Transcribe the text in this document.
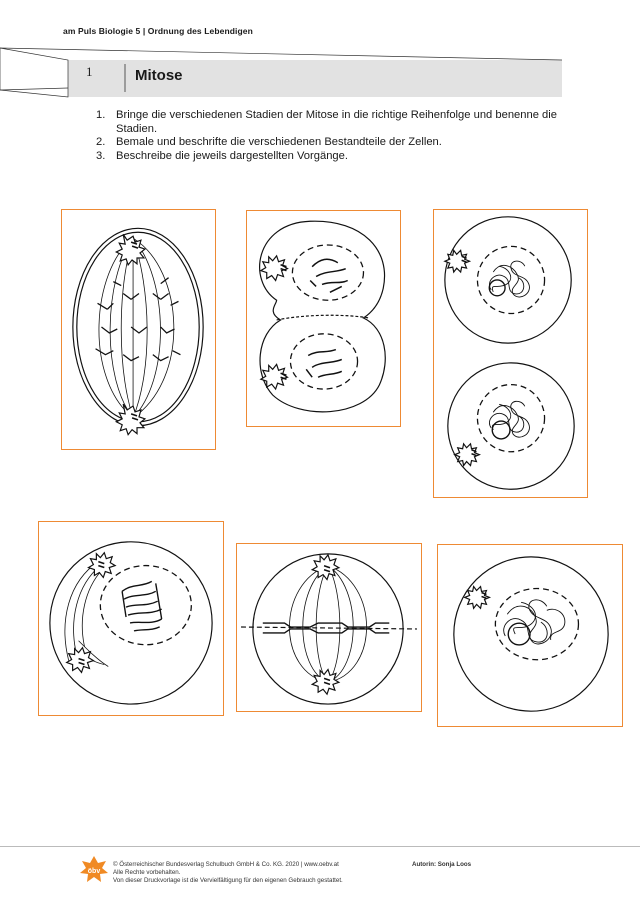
am Puls Biologie 5 | Ordnung des Lebendigen
1	Mitose
1. Bringe die verschiedenen Stadien der Mitose in die richtige Reihenfolge und benenne die Stadien.
2. Bemale und beschrifte die verschiedenen Bestandteile der Zellen.
3. Beschreibe die jeweils dargestellten Vorgänge.
öbv
© Österreichischer Bundesverlag Schulbuch GmbH & Co. KG. 2020 | www.oebv.at
Alle Rechte vorbehalten.
Von dieser Druckvorlage ist die Vervielfältigung für den eigenen Gebrauch gestattet.
Autorin: Sonja Loos
